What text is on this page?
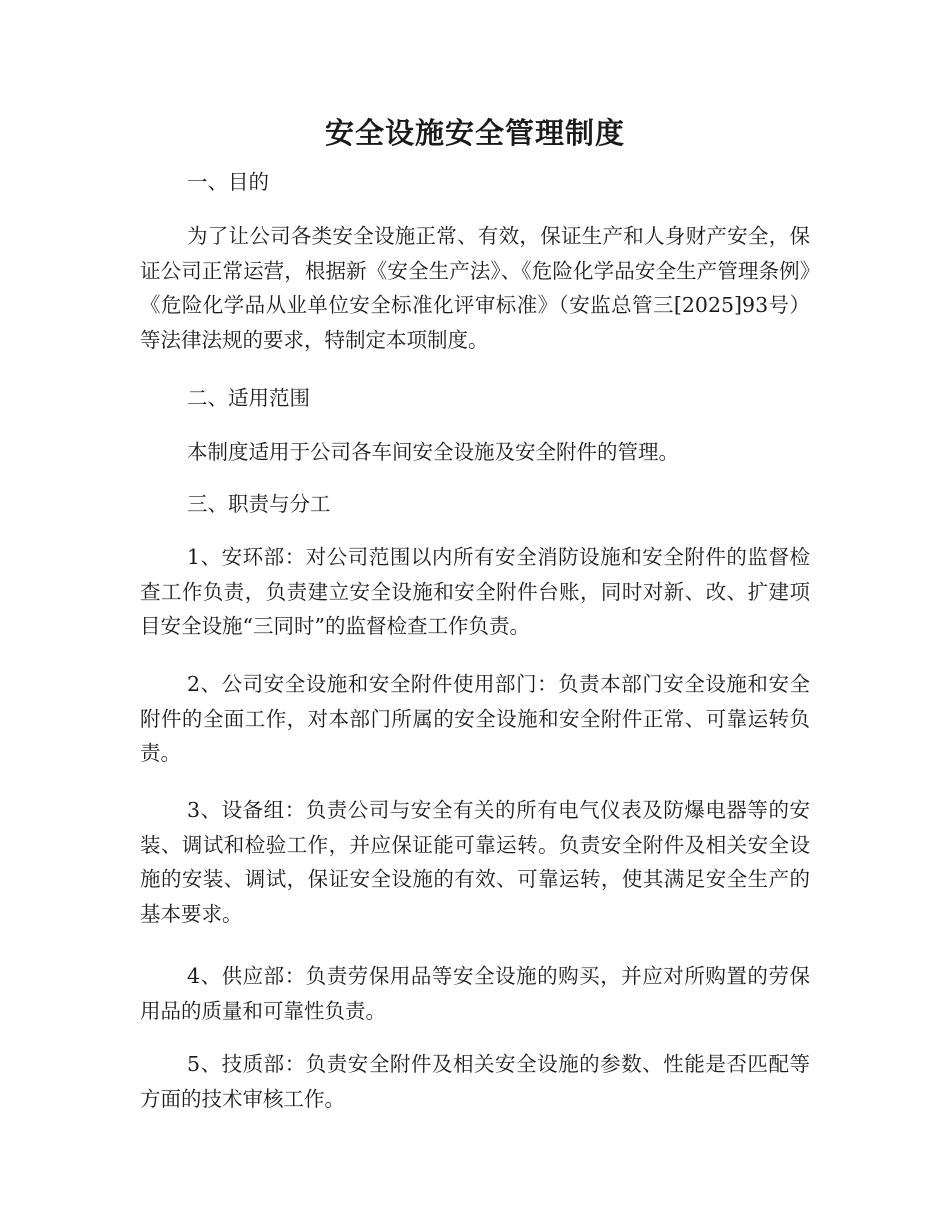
安全设施安全管理制度

一、目的

为了让公司各类安全设施正常、有效，保证生产和人身财产安全，保证公司正常运营，根据新《安全生产法》、《危险化学品安全生产管理条例》《危险化学品从业单位安全标准化评审标准》（安监总管三[2025]93号）等法律法规的要求，特制定本项制度。

二、适用范围

本制度适用于公司各车间安全设施及安全附件的管理。

三、职责与分工

1、安环部：对公司范围以内所有安全消防设施和安全附件的监督检查工作负责，负责建立安全设施和安全附件台账，同时对新、改、扩建项目安全设施“三同时”的监督检查工作负责。

2、公司安全设施和安全附件使用部门：负责本部门安全设施和安全附件的全面工作，对本部门所属的安全设施和安全附件正常、可靠运转负责。

3、设备组：负责公司与安全有关的所有电气仪表及防爆电器等的安装、调试和检验工作，并应保证能可靠运转。负责安全附件及相关安全设施的安装、调试，保证安全设施的有效、可靠运转，使其满足安全生产的基本要求。

4、供应部：负责劳保用品等安全设施的购买，并应对所购置的劳保用品的质量和可靠性负责。

5、技质部：负责安全附件及相关安全设施的参数、性能是否匹配等方面的技术审核工作。
